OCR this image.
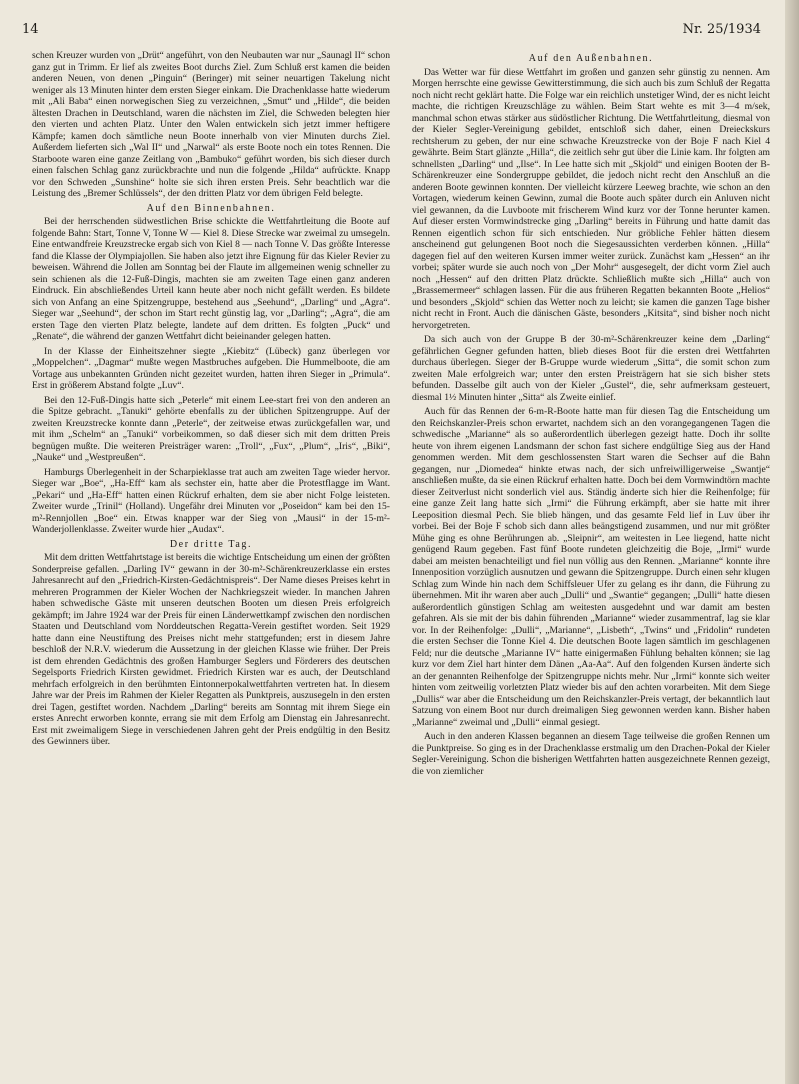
14	Nr. 25/1934

schen Kreuzer wurden von „Drüt“ angeführt, von den Neubauten war nur „Saunagl II“ schon ganz gut in Trimm. Er lief als zweites Boot durchs Ziel. Zum Schluß erst kamen die beiden anderen Neuen, von denen „Pinguin“ (Beringer) mit seiner neuartigen Takelung nicht weniger als 13 Minuten hinter dem ersten Sieger einkam. Die Drachenklasse hatte wiederum mit „Ali Baba“ einen norwegischen Sieg zu verzeichnen, „Smut“ und „Hilde“, die beiden ältesten Drachen in Deutschland, waren die nächsten im Ziel, die Schweden belegten hier den vierten und achten Platz. Unter den Walen entwickeln sich jetzt immer heftigere Kämpfe; kamen doch sämtliche neun Boote innerhalb von vier Minuten durchs Ziel. Außerdem lieferten sich „Wal II“ und „Narwal“ als erste Boote noch ein totes Rennen. Die Starboote waren eine ganze Zeitlang von „Bambuko“ geführt worden, bis sich dieser durch einen falschen Schlag ganz zurückbrachte und nun die folgende „Hilda“ aufrückte. Knapp vor den Schweden „Sunshine“ holte sie sich ihren ersten Preis. Sehr beachtlich war die Leistung des „Bremer Schlüssels“, der den dritten Platz vor dem übrigen Feld belegte.

Auf den Binnenbahnen.

Bei der herrschenden südwestlichen Brise schickte die Wettfahrtleitung die Boote auf folgende Bahn: Start, Tonne V, Tonne W — Kiel 8. Diese Strecke war zweimal zu umsegeln. Eine entwandfreie Kreuzstrecke ergab sich von Kiel 8 — nach Tonne V. Das größte Interesse fand die Klasse der Olympiajollen. Sie haben also jetzt ihre Eignung für das Kieler Revier zu beweisen. Während die Jollen am Sonntag bei der Flaute im allgemeinen wenig schneller zu sein schienen als die 12-Fuß-Dingis, machten sie am zweiten Tage einen ganz anderen Eindruck. Ein abschließendes Urteil kann heute aber noch nicht gefällt werden. Es bildete sich von Anfang an eine Spitzengruppe, bestehend aus „Seehund“, „Darling“ und „Agra“. Sieger war „Seehund“, der schon im Start recht günstig lag, vor „Darling“; „Agra“, die am ersten Tage den vierten Platz belegte, landete auf dem dritten. Es folgten „Puck“ und „Renate“, die während der ganzen Wettfahrt dicht beieinander gelegen hatten.

In der Klasse der Einheitszehner siegte „Kiebitz“ (Lübeck) ganz überlegen vor „Moppelchen“. „Dagmar“ mußte wegen Mastbruches aufgeben. Die Hummelboote, die am Vortage aus unbekannten Gründen nicht gezeitet wurden, hatten ihren Sieger in „Primula“. Erst in größerem Abstand folgte „Luv“.

Bei den 12-Fuß-Dingis hatte sich „Peterle“ mit einem Lee-start frei von den anderen an die Spitze gebracht. „Tanuki“ gehörte ebenfalls zu der üblichen Spitzengruppe. Auf der zweiten Kreuzstrecke konnte dann „Peterle“, der zeitweise etwas zurückgefallen war, und mit ihm „Schelm“ an „Tanuki“ vorbeikommen, so daß dieser sich mit dem dritten Preis begnügen mußte. Die weiteren Preisträger waren: „Troll“, „Fux“, „Plum“, „Iris“, „Biki“, „Nauke“ und „Westpreußen“.

Hamburgs Überlegenheit in der Scharpieklasse trat auch am zweiten Tage wieder hervor. Sieger war „Boe“, „Ha-Eff“ kam als sechster ein, hatte aber die Protestflagge im Want. „Pekari“ und „Ha-Eff“ hatten einen Rückruf erhalten, dem sie aber nicht Folge leisteten. Zweiter wurde „Trinil“ (Holland). Ungefähr drei Minuten vor „Poseidon“ kam bei den 15-m²-Rennjollen „Boe“ ein. Etwas knapper war der Sieg von „Mausi“ in der 15-m²-Wanderjollenklasse. Zweiter wurde hier „Audax“.

Der dritte Tag.

Mit dem dritten Wettfahrtstage ist bereits die wichtige Entscheidung um einen der größten Sonderpreise gefallen. „Darling IV“ gewann in der 30-m²-Schärenkreuzerklasse ein erstes Jahresanrecht auf den „Friedrich-Kirsten-Gedächtnispreis“. Der Name dieses Preises kehrt in mehreren Programmen der Kieler Wochen der Nachkriegszeit wieder. In manchen Jahren haben schwedische Gäste mit unseren deutschen Booten um diesen Preis erfolgreich gekämpft; im Jahre 1924 war der Preis für einen Länderwettkampf zwischen den nordischen Staaten und Deutschland vom Norddeutschen Regatta-Verein gestiftet worden. Seit 1929 hatte dann eine Neustiftung des Preises nicht mehr stattgefunden; erst in diesem Jahre beschloß der N.R.V. wiederum die Aussetzung in der gleichen Klasse wie früher. Der Preis ist dem ehrenden Gedächtnis des großen Hamburger Seglers und Förderers des deutschen Segelsports Friedrich Kirsten gewidmet. Friedrich Kirsten war es auch, der Deutschland mehrfach erfolgreich in den berühmten Eintonnerpokalwettfahrten vertreten hat. In diesem Jahre war der Preis im Rahmen der Kieler Regatten als Punktpreis, auszusegeln in den ersten drei Tagen, gestiftet worden. Nachdem „Darling“ bereits am Sonntag mit ihrem Siege ein erstes Anrecht erworben konnte, errang sie mit dem Erfolg am Dienstag ein Jahresanrecht. Erst mit zweimaligem Siege in verschiedenen Jahren geht der Preis endgültig in den Besitz des Gewinners über.

Auf den Außenbahnen.

Das Wetter war für diese Wettfahrt im großen und ganzen sehr günstig zu nennen. Am Morgen herrschte eine gewisse Gewitterstimmung, die sich auch bis zum Schluß der Regatta noch nicht recht geklärt hatte. Die Folge war ein reichlich unstetiger Wind, der es nicht leicht machte, die richtigen Kreuzschläge zu wählen. Beim Start wehte es mit 3—4 m/sek, manchmal schon etwas stärker aus südöstlicher Richtung. Die Wettfahrtleitung, diesmal von der Kieler Segler-Vereinigung gebildet, entschloß sich daher, einen Dreieckskurs rechtsherum zu geben, der nur eine schwache Kreuzstrecke von der Boje F nach Kiel 4 gewährte. Beim Start glänzte „Hilla“, die zeitlich sehr gut über die Linie kam. Ihr folgten am schnellsten „Darling“ und „Ilse“. In Lee hatte sich mit „Skjold“ und einigen Booten der B-Schärenkreuzer eine Sondergruppe gebildet, die jedoch nicht recht den Anschluß an die anderen Boote gewinnen konnten. Der vielleicht kürzere Leeweg brachte, wie schon an den Vortagen, wiederum keinen Gewinn, zumal die Boote auch später durch ein Anluven nicht viel gewannen, da die Luvboote mit frischerem Wind kurz vor der Tonne herunter kamen. Auf dieser ersten Vormwindstrecke ging „Darling“ bereits in Führung und hatte damit das Rennen eigentlich schon für sich entschieden. Nur gröbliche Fehler hätten diesem anscheinend gut gelungenen Boot noch die Siegesaussichten verderben können. „Hilla“ dagegen fiel auf den weiteren Kursen immer weiter zurück. Zunächst kam „Hessen“ an ihr vorbei; später wurde sie auch noch von „Der Mohr“ ausgesegelt, der dicht vorm Ziel auch noch „Hessen“ auf den dritten Platz drückte. Schließlich mußte sich „Hilla“ auch von „Brassemermeer“ schlagen lassen. Für die aus früheren Regatten bekannten Boote „Helios“ und besonders „Skjold“ schien das Wetter noch zu leicht; sie kamen die ganzen Tage bisher nicht recht in Front. Auch die dänischen Gäste, besonders „Kitsita“, sind bisher noch nicht hervorgetreten.

Da sich auch von der Gruppe B der 30-m²-Schärenkreuzer keine dem „Darling“ gefährlichen Gegner gefunden hatten, blieb dieses Boot für die ersten drei Wettfahrten durchaus überlegen. Sieger der B-Gruppe wurde wiederum „Sitta“, die somit schon zum zweiten Male erfolgreich war; unter den ersten Preisträgern hat sie sich bisher stets befunden. Dasselbe gilt auch von der Kieler „Gustel“, die, sehr aufmerksam gesteuert, diesmal 1½ Minuten hinter „Sitta“ als Zweite einlief.

Auch für das Rennen der 6-m-R-Boote hatte man für diesen Tag die Entscheidung um den Reichskanzler-Preis schon erwartet, nachdem sich an den vorangegangenen Tagen die schwedische „Marianne“ als so außerordentlich überlegen gezeigt hatte. Doch ihr sollte heute von ihrem eigenen Landsmann der schon fast sichere endgültige Sieg aus der Hand genommen werden. Mit dem geschlossensten Start waren die Sechser auf die Bahn gegangen, nur „Diomedea“ hinkte etwas nach, der sich unfreiwilligerweise „Swantje“ anschließen mußte, da sie einen Rückruf erhalten hatte. Doch bei dem Vormwindtörn machte dieser Zeitverlust nicht sonderlich viel aus. Ständig änderte sich hier die Reihenfolge; für eine ganze Zeit lang hatte sich „Irmi“ die Führung erkämpft, aber sie hatte mit ihrer Leeposition diesmal Pech. Sie blieb hängen, und das gesamte Feld lief in Luv über ihr vorbei. Bei der Boje F schob sich dann alles beängstigend zusammen, und nur mit größter Mühe ging es ohne Berührungen ab. „Sleipnir“, am weitesten in Lee liegend, hatte nicht genügend Raum gegeben. Fast fünf Boote rundeten gleichzeitig die Boje, „Irmi“ wurde dabei am meisten benachteiligt und fiel nun völlig aus den Rennen. „Marianne“ konnte ihre Innenposition vorzüglich ausnutzen und gewann die Spitzengruppe. Durch einen sehr klugen Schlag zum Winde hin nach dem Schiffsleuer Ufer zu gelang es ihr dann, die Führung zu übernehmen. Mit ihr waren aber auch „Dulli“ und „Swantie“ gegangen; „Dulli“ hatte diesen außerordentlich günstigen Schlag am weitesten ausgedehnt und war damit am besten gefahren. Als sie mit der bis dahin führenden „Marianne“ wieder zusammentraf, lag sie klar vor. In der Reihenfolge: „Dulli“, „Marianne“, „Lisbeth“, „Twins“ und „Fridolin“ rundeten die ersten Sechser die Tonne Kiel 4. Die deutschen Boote lagen sämtlich im geschlagenen Feld; nur die deutsche „Marianne IV“ hatte einigermaßen Fühlung behalten können; sie lag kurz vor dem Ziel hart hinter dem Dänen „Aa-Aa“. Auf den folgenden Kursen änderte sich an der genannten Reihenfolge der Spitzengruppe nichts mehr. Nur „Irmi“ konnte sich weiter hinten vom zeitweilig vorletzten Platz wieder bis auf den achten vorarbeiten. Mit dem Siege „Dullis“ war aber die Entscheidung um den Reichskanzler-Preis vertagt, der bekanntlich laut Satzung von einem Boot nur durch dreimaligen Sieg gewonnen werden kann. Bisher haben „Marianne“ zweimal und „Dulli“ einmal gesiegt.

Auch in den anderen Klassen begannen an diesem Tage teilweise die großen Rennen um die Punktpreise. So ging es in der Drachenklasse erstmalig um den Drachen-Pokal der Kieler Segler-Vereinigung. Schon die bisherigen Wettfahrten hatten ausgezeichnete Rennen gezeigt, die von ziemlicher
